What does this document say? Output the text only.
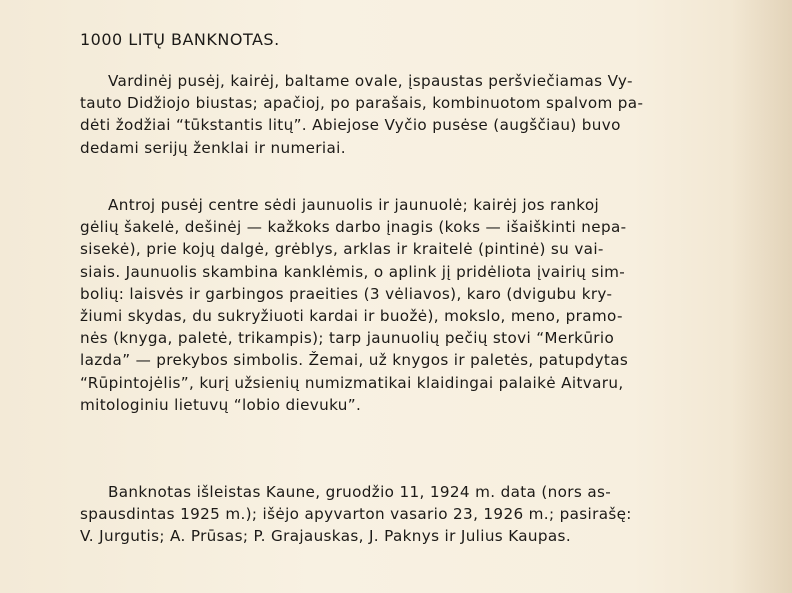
1000 LITŲ BANKNOTAS.
Vardinėj pusėj, kairėj, baltame ovale, įspaustas peršviečiamas Vy-
tauto Didžiojo biustas; apačioj, po parašais, kombinuotom spalvom pa-
dėti žodžiai “tūkstantis litų”. Abiejose Vyčio pusėse (augščiau) buvo
dedami serijų ženklai ir numeriai.
Antroj pusėj centre sėdi jaunuolis ir jaunuolė; kairėj jos rankoj
gėlių šakelė, dešinėj — kažkoks darbo įnagis (koks — išaiškinti nepa-
sisekė), prie kojų dalgė, grėblys, arklas ir kraitelė (pintinė) su vai-
siais. Jaunuolis skambina kanklėmis, o aplink jį pridėliota įvairių sim-
bolių: laisvės ir garbingos praeities (3 vėliavos), karo (dvigubu kry-
žiumi skydas, du sukryžiuoti kardai ir buožė), mokslo, meno, pramo-
nės (knyga, paletė, trikampis); tarp jaunuolių pečių stovi “Merkūrio
lazda” — prekybos simbolis. Žemai, už knygos ir paletės, patupdytas
“Rūpintojėlis”, kurį užsienių numizmatikai klaidingai palaikė Aitvaru,
mitologiniu lietuvų “lobio dievuku”.
Banknotas išleistas Kaune, gruodžio 11, 1924 m. data (nors as-
spausdintas 1925 m.); išėjo apyvarton vasario 23, 1926 m.; pasirašę:
V. Jurgutis; A. Prūsas; P. Grajauskas, J. Paknys ir Julius Kaupas.
